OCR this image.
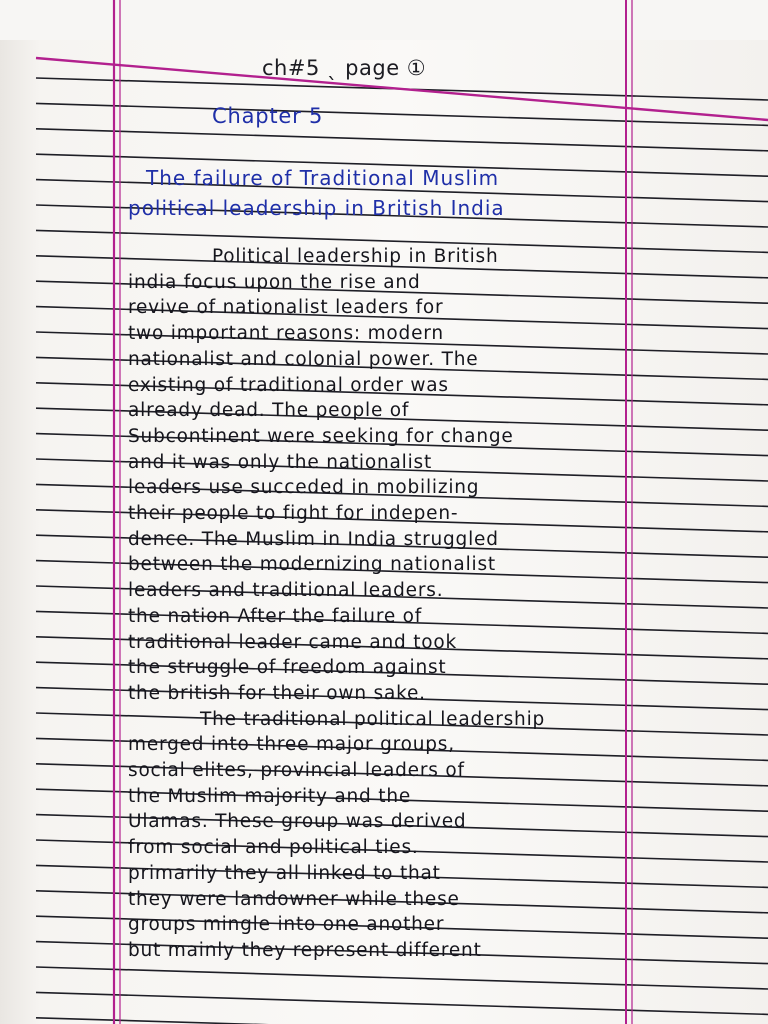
ch#5 ˎ page ①
Chapter 5
The failure of Traditional Muslim
political leadership in British India
Political leadership in British
india focus upon the rise and
revive of nationalist leaders for
two important reasons: modern
nationalist and colonial power. The
existing of traditional order was
already dead. The people of
Subcontinent were seeking for change
and it was only the nationalist
leaders use succeded in mobilizing
their people to fight for indepen-
dence. The Muslim in India struggled
between the modernizing nationalist
leaders and traditional leaders.
the nation After the failure of
traditional leader came and took
the struggle of freedom against
the british for their own sake.
The traditional political leadership
merged into three major groups,
social elites, provincial leaders of
the Muslim majority and the
Ulamas. These group was derived
from social and political ties.
primarily they all linked to that
they were landowner while these
groups mingle into one another
but mainly they represent different
